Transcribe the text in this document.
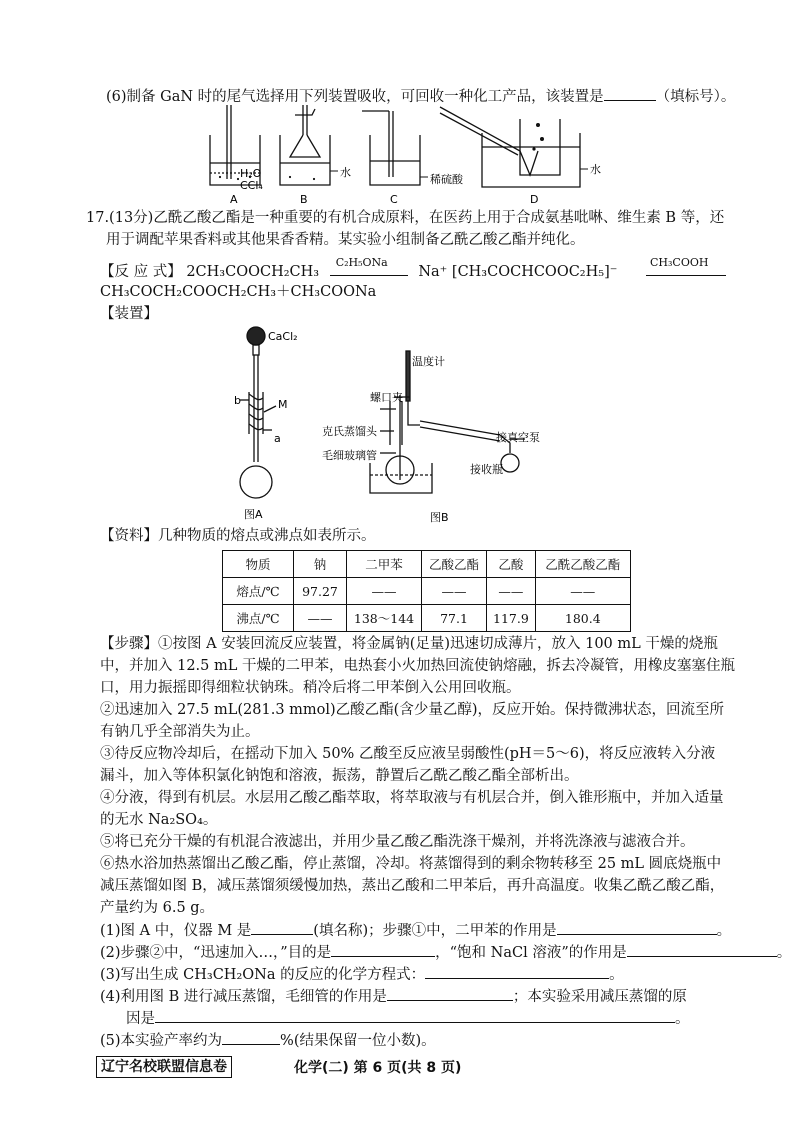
(6)制备 GaN 时的尾气选择用下列装置吸收，可回收一种化工产品，该装置是	（填标号）。
H₂O
CCl₄
水
稀硫酸
水
A	B	C	D
17.(13分)乙酰乙酸乙酯是一种重要的有机合成原料，在医药上用于合成氨基吡啉、维生素 B 等，还
用于调配苹果香料或其他果香香精。某实验小组制备乙酰乙酸乙酯并纯化。
【反 应 式】 2CH₃COOCH₂CH₃
C₂H₅ONa
Na⁺ [CH₃COCHCOOC₂H₅]⁻
CH₃COOH
CH₃COCH₂COOCH₂CH₃＋CH₃COONa
【装置】
CaCl₂
b	M
a
图A
温度计
螺口夹
克氏蒸馏头
毛细玻璃管
接真空泵
接收瓶
图B
【资料】几种物质的熔点或沸点如表所示。
物质	钠	二甲苯	乙酸乙酯	乙酸	乙酰乙酸乙酯
熔点/℃	97.27	——	——	——	——
沸点/℃	——	138～144	77.1	117.9	180.4
【步骤】①按图 A 安装回流反应装置，将金属钠(足量)迅速切成薄片，放入 100 mL 干燥的烧瓶
中，并加入 12.5 mL 干燥的二甲苯，电热套小火加热回流使钠熔融，拆去冷凝管，用橡皮塞塞住瓶
口，用力振摇即得细粒状钠珠。稍冷后将二甲苯倒入公用回收瓶。
②迅速加入 27.5 mL(281.3 mmol)乙酸乙酯(含少量乙醇)，反应开始。保持微沸状态，回流至所
有钠几乎全部消失为止。
③待反应物冷却后，在摇动下加入 50% 乙酸至反应液呈弱酸性(pH＝5～6)，将反应液转入分液
漏斗，加入等体积氯化钠饱和溶液，振荡，静置后乙酰乙酸乙酯全部析出。
④分液，得到有机层。水层用乙酸乙酯萃取，将萃取液与有机层合并，倒入锥形瓶中，并加入适量
的无水 Na₂SO₄。
⑤将已充分干燥的有机混合液滤出，并用少量乙酸乙酯洗涤干燥剂，并将洗涤液与滤液合并。
⑥热水浴加热蒸馏出乙酸乙酯，停止蒸馏，冷却。将蒸馏得到的剩余物转移至 25 mL 圆底烧瓶中
减压蒸馏如图 B，减压蒸馏须缓慢加热，蒸出乙酸和二甲苯后，再升高温度。收集乙酰乙酸乙酯，
产量约为 6.5 g。
(1)图 A 中，仪器 M 是	(填名称)；步骤①中，二甲苯的作用是	。
(2)步骤②中，“迅速加入…，”目的是	，“饱和 NaCl 溶液”的作用是	。
(3)写出生成 CH₃CH₂ONa 的反应的化学方程式：	。
(4)利用图 B 进行减压蒸馏，毛细管的作用是	；本实验采用减压蒸馏的原
因是	。
(5)本实验产率约为	%(结果保留一位小数)。
辽宁名校联盟信息卷	化学(二) 第 6 页(共 8 页)
